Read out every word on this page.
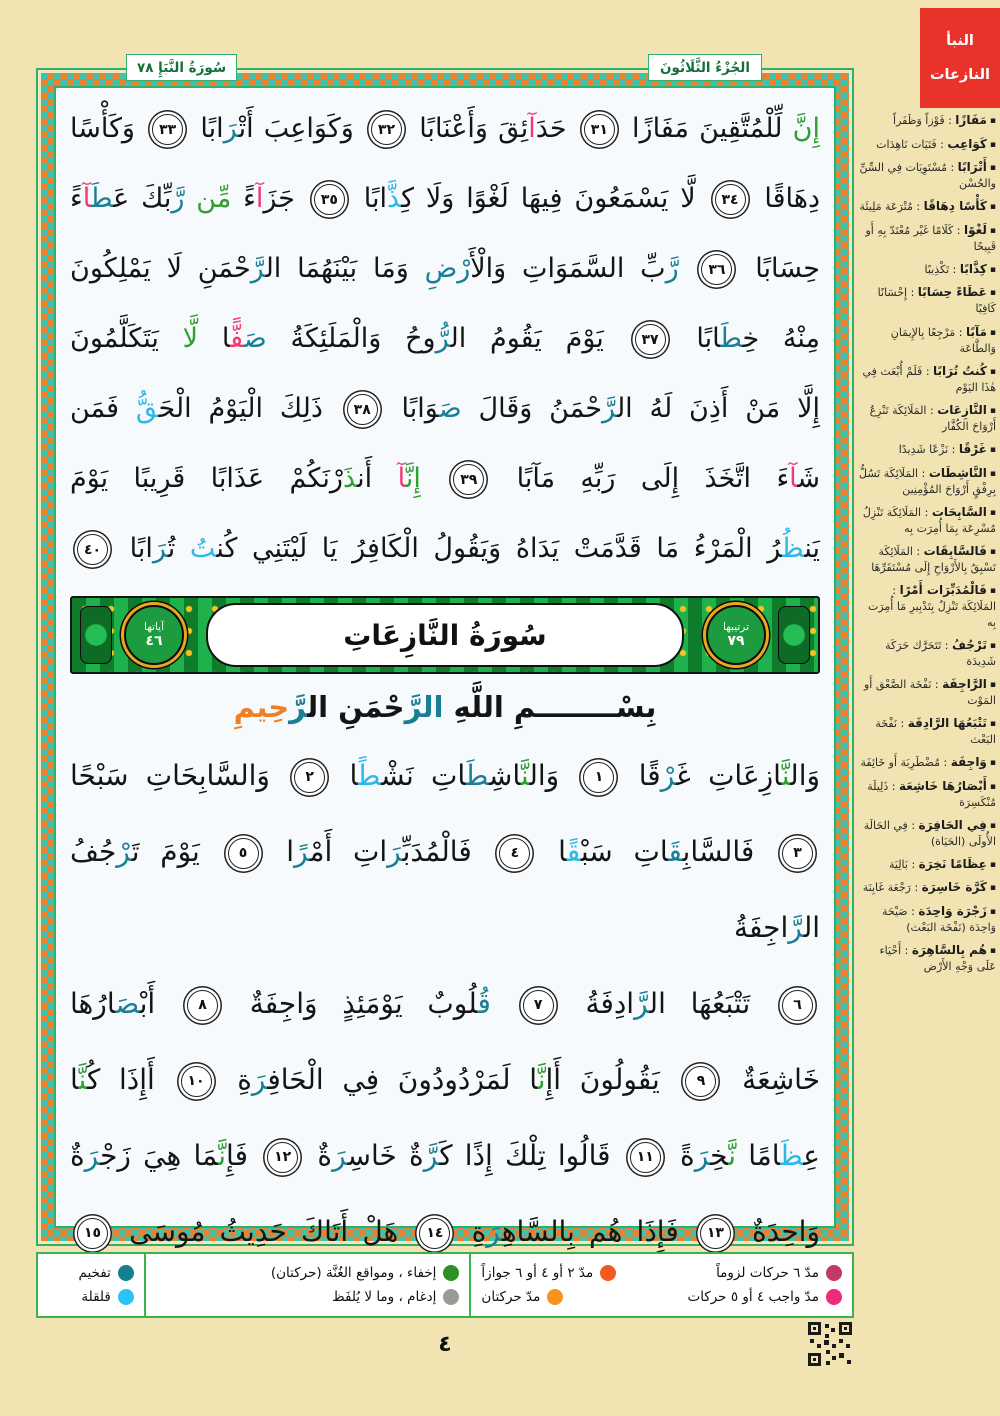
النبأ
النازعات
سُورَةُ النَّبَإِ ٧٨	الجُزْءُ الثَّلَاثُونَ
إِنَّ لِّلْمُتَّقِينَ مَفَازًا ٣١ حَدَآئِقَ وَأَعْنَابًا ٣٢ وَكَوَاعِبَ أَتْرَابًا ٣٣ وَكَأْسًا
دِهَاقًا ٣٤ لَّا يَسْمَعُونَ فِيهَا لَغْوًا وَلَا كِذَّابًا ٣٥ جَزَآءً مِّن رَّبِّكَ عَطَآءً
حِسَابًا ٣٦ رَّبِّ السَّمَوَاتِ وَالْأَرْضِ وَمَا بَيْنَهُمَا الرَّحْمَنِ لَا يَمْلِكُونَ
مِنْهُ خِطَابًا ٣٧ يَوْمَ يَقُومُ الرُّوحُ وَالْمَلَئِكَةُ صَفًّا لَّا يَتَكَلَّمُونَ
إِلَّا مَنْ أَذِنَ لَهُ الرَّحْمَنُ وَقَالَ صَوَابًا ٣٨ ذَلِكَ الْيَوْمُ الْحَقُّ فَمَن
شَآءَ اتَّخَذَ إِلَى رَبِّهِ مَآبًا ٣٩ إِنَّآ أَنذَرْنَكُمْ عَذَابًا قَرِيبًا يَوْمَ
يَنظُرُ الْمَرْءُ مَا قَدَّمَتْ يَدَاهُ وَيَقُولُ الْكَافِرُ يَا لَيْتَنِي كُنتُ تُرَابًا ٤٠
ترتيبها
٧٩
سُورَةُ النَّازِعَاتِ
آياتها
٤٦
بِسْــــــــمِ اللَّهِ الرَّحْمَنِ الرَّحِيمِ
وَالنَّازِعَاتِ غَرْقًا ١ وَالنَّاشِطَاتِ نَشْطًا ٢ وَالسَّابِحَاتِ سَبْحًا
٣ فَالسَّابِقَاتِ سَبْقًا ٤ فَالْمُدَبِّرَاتِ أَمْرًا ٥ يَوْمَ تَرْجُفُ الرَّاجِفَةُ
٦ تَتْبَعُهَا الرَّادِفَةُ ٧ قُلُوبٌ يَوْمَئِذٍ وَاجِفَةٌ ٨ أَبْصَارُهَا
خَاشِعَةٌ ٩ يَقُولُونَ أَإِنَّا لَمَرْدُودُونَ فِي الْحَافِرَةِ ١٠ أَإِذَا كُنَّا
عِظَامًا نَّخِرَةً ١١ قَالُوا تِلْكَ إِذًا كَرَّةٌ خَاسِرَةٌ ١٢ فَإِنَّمَا هِيَ زَجْرَةٌ
وَاحِدَةٌ ١٣ فَإِذَا هُم بِالسَّاهِرَةِ ١٤ هَلْ أَتَاكَ حَدِيثُ مُوسَى ١٥
▪مَفَازًا : فَوْزاً وَظَفَراً
▪كَوَاعِب : فَتَيَات نَاهِدَات
▪أَتْرَابًا : مُسْتَوِيَات فِي السِّنِّ والحُسْن
▪كَأْسًا دِهَاقًا : مُتْرَعَة مَلِيئَة
▪لَغْوًا : كَلَامًا غَيْر مُعْتَدّ بِهِ أَو قَبِيحًا
▪كِذَّابًا : تَكْذِيبًا
▪عَطَاءً حِسَابًا : إِحْسَانًا كَافِيًا
▪مَآبًا : مَرْجِعًا بِالإِيمَانِ وَالطَّاعَة
▪كُنتُ تُرَابًا : فَلَمْ أُبْعَث فِي هٰذَا اليَوْم
▪النَّازِعَات : المَلَائِكَة تَنْزِعُ أَرْوَاحَ الكُفَّار
▪غَرْقًا : نَزْعًا شَدِيدًا
▪النَّاشِطَات : المَلَائِكَة تَسُلُّ بِرِفْقٍ أَرْوَاحَ المُؤْمِنِين
▪السَّابِحَات : المَلَائِكَة تَنْزِلُ مُسْرِعَة بِمَا أُمِرَت بِه
▪فَالسَّابِقَات : المَلَائِكَة تَسْبِقُ بِالأَرْوَاحِ إِلَى مُسْتَقَرِّهَا
▪فَالْمُدَبِّرَات أَمْرًا : المَلَائِكَة تَنْزِلُ بِتَدْبِيرِ مَا أُمِرَت بِه
▪تَرْجُفُ : تَتَحَرَّك حَرَكَة شَدِيدَة
▪الرَّاجِفَة : نَفْخَة الصَّعْق أَو المَوْت
▪تَتْبَعُهَا الرَّادِفَة : نَفْخَة البَعْث
▪وَاجِفَة : مُضْطَرِبَة أَو خَائِفَة
▪أَبْصَارُهَا خَاشِعَة : ذَلِيلَة مُنْكَسِرَة
▪فِي الحَافِرَة : فِي الحَالَة الأُولَى (الحَيَاة)
▪عِظَامًا نَخِرَة : بَالِيَة
▪كَرَّة خَاسِرَة : رَجْعَة غَابِنَة
▪زَجْرَة وَاحِدَة : صَيْحَة وَاحِدَة (نَفْخَة البَعْث)
▪هُم بِالسَّاهِرَة : أَحْيَاء عَلَى وَجْهِ الأَرْض
مدّ ٦ حركات لزوماً
مدّ ٢ أو ٤ أو ٦ جوازاً
مدّ واجب ٤ أو ٥ حركات
مدّ حركتان
إخفاء ، ومواقع الغُنَّة (حركتان)
إدغام ، وما لا يُلفَظ
تفخيم
قلقلة
٤
